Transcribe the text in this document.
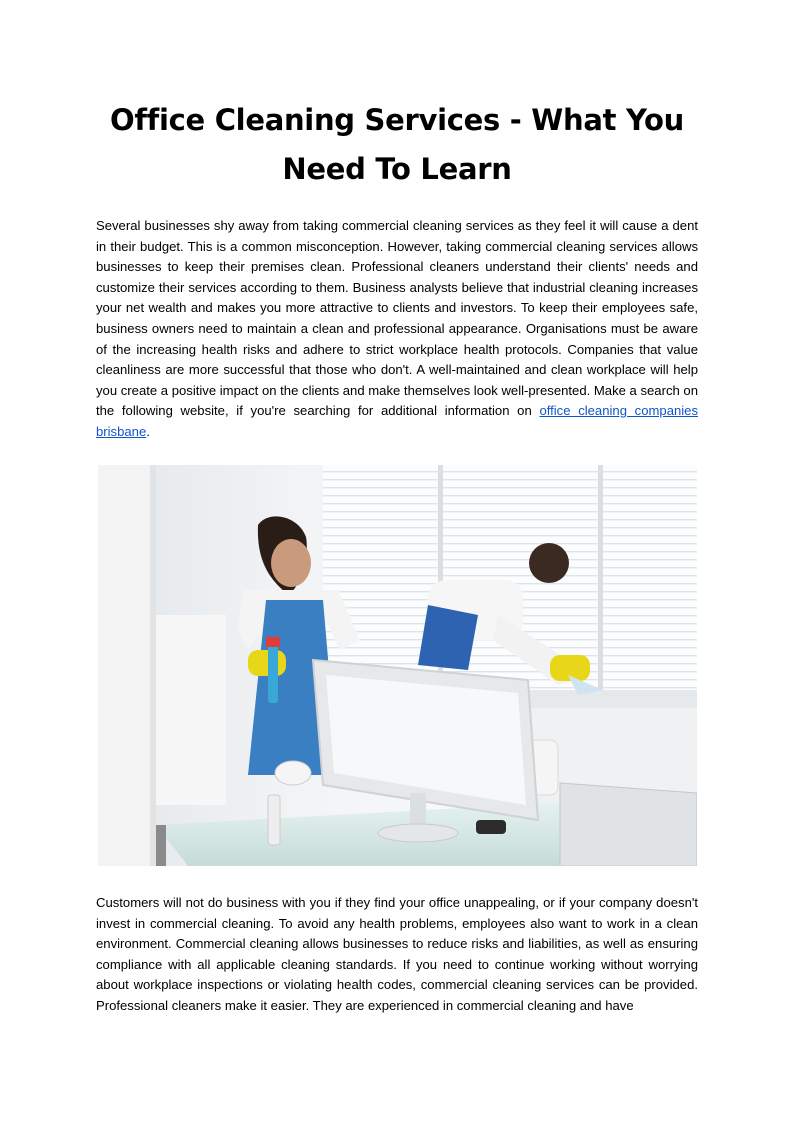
Office Cleaning Services - What You Need To Learn

Several businesses shy away from taking commercial cleaning services as they feel it will cause a dent in their budget. This is a common misconception. However, taking commercial cleaning services allows businesses to keep their premises clean. Professional cleaners understand their clients' needs and customize their services according to them. Business analysts believe that industrial cleaning increases your net wealth and makes you more attractive to clients and investors. To keep their employees safe, business owners need to maintain a clean and professional appearance. Organisations must be aware of the increasing health risks and adhere to strict workplace health protocols. Companies that value cleanliness are more successful that those who don't. A well-maintained and clean workplace will help you create a positive impact on the clients and make themselves look well-presented. Make a search on the following website, if you're searching for additional information on office cleaning companies brisbane.

Customers will not do business with you if they find your office unappealing, or if your company doesn't invest in commercial cleaning. To avoid any health problems, employees also want to work in a clean environment. Commercial cleaning allows businesses to reduce risks and liabilities, as well as ensuring compliance with all applicable cleaning standards. If you need to continue working without worrying about workplace inspections or violating health codes, commercial cleaning services can be provided. Professional cleaners make it easier. They are experienced in commercial cleaning and have
